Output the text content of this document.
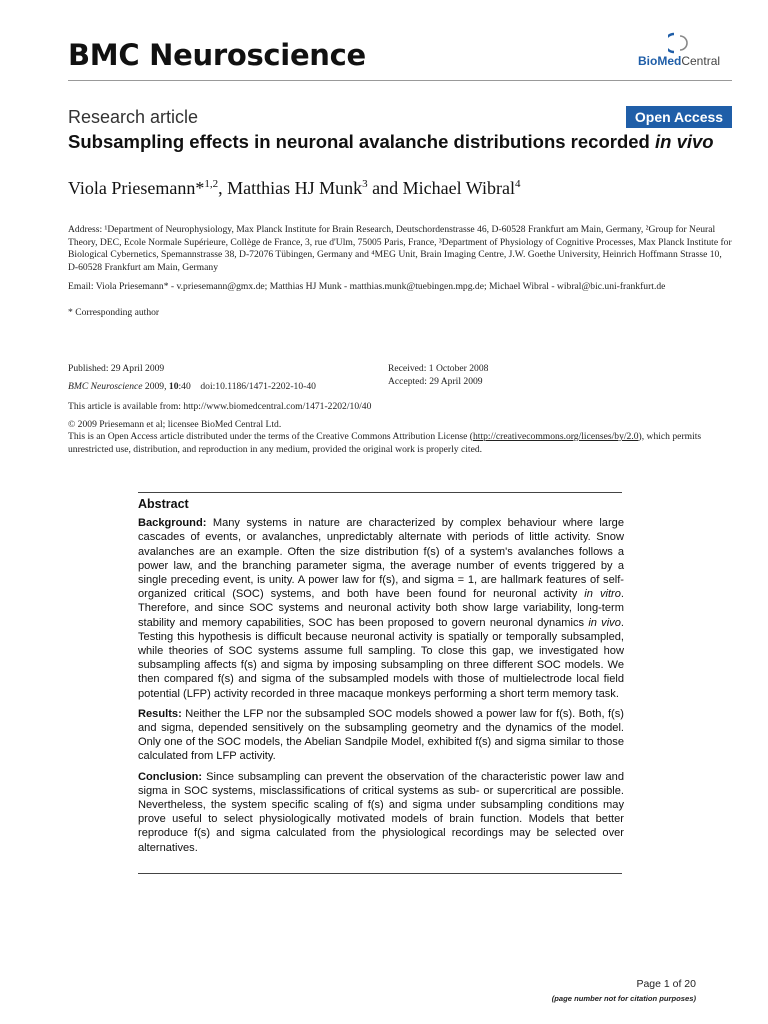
BMC Neuroscience	BioMedCentral
Research article	Open Access
Subsampling effects in neuronal avalanche distributions recorded in vivo
Viola Priesemann*$^{1,2}$, Matthias HJ Munk$^3$ and Michael Wibral$^4$
Address: ¹Department of Neurophysiology, Max Planck Institute for Brain Research, Deutschordenstrasse 46, D-60528 Frankfurt am Main, Germany, ²Group for Neural Theory, DEC, Ecole Normale Supérieure, Collège de France, 3, rue d'Ulm, 75005 Paris, France, ³Department of Physiology of Cognitive Processes, Max Planck Institute for Biological Cybernetics, Spemannstrasse 38, D-72076 Tübingen, Germany and ⁴MEG Unit, Brain Imaging Centre, J.W. Goethe University, Heinrich Hoffmann Strasse 10, D-60528 Frankfurt am Main, Germany
Email: Viola Priesemann* - v.priesemann@gmx.de; Matthias HJ Munk - matthias.munk@tuebingen.mpg.de; Michael Wibral - wibral@bic.uni-frankfurt.de
* Corresponding author
Published: 29 April 2009
BMC Neuroscience 2009, 10:40    doi:10.1186/1471-2202-10-40
This article is available from: http://www.biomedcentral.com/1471-2202/10/40
Received: 1 October 2008
Accepted: 29 April 2009
© 2009 Priesemann et al; licensee BioMed Central Ltd.
This is an Open Access article distributed under the terms of the Creative Commons Attribution License (http://creativecommons.org/licenses/by/2.0), which permits unrestricted use, distribution, and reproduction in any medium, provided the original work is properly cited.
Abstract

Background: Many systems in nature are characterized by complex behaviour where large cascades of events, or avalanches, unpredictably alternate with periods of little activity. Snow avalanches are an example. Often the size distribution f(s) of a system's avalanches follows a power law, and the branching parameter sigma, the average number of events triggered by a single preceding event, is unity. A power law for f(s), and sigma = 1, are hallmark features of self-organized critical (SOC) systems, and both have been found for neuronal activity in vitro. Therefore, and since SOC systems and neuronal activity both show large variability, long-term stability and memory capabilities, SOC has been proposed to govern neuronal dynamics in vivo. Testing this hypothesis is difficult because neuronal activity is spatially or temporally subsampled, while theories of SOC systems assume full sampling. To close this gap, we investigated how subsampling affects f(s) and sigma by imposing subsampling on three different SOC models. We then compared f(s) and sigma of the subsampled models with those of multielectrode local field potential (LFP) activity recorded in three macaque monkeys performing a short term memory task.

Results: Neither the LFP nor the subsampled SOC models showed a power law for f(s). Both, f(s) and sigma, depended sensitively on the subsampling geometry and the dynamics of the model. Only one of the SOC models, the Abelian Sandpile Model, exhibited f(s) and sigma similar to those calculated from LFP activity.

Conclusion: Since subsampling can prevent the observation of the characteristic power law and sigma in SOC systems, misclassifications of critical systems as sub- or supercritical are possible. Nevertheless, the system specific scaling of f(s) and sigma under subsampling conditions may prove useful to select physiologically motivated models of brain function. Models that better reproduce f(s) and sigma calculated from the physiological recordings may be selected over alternatives.

Page 1 of 20
(page number not for citation purposes)
